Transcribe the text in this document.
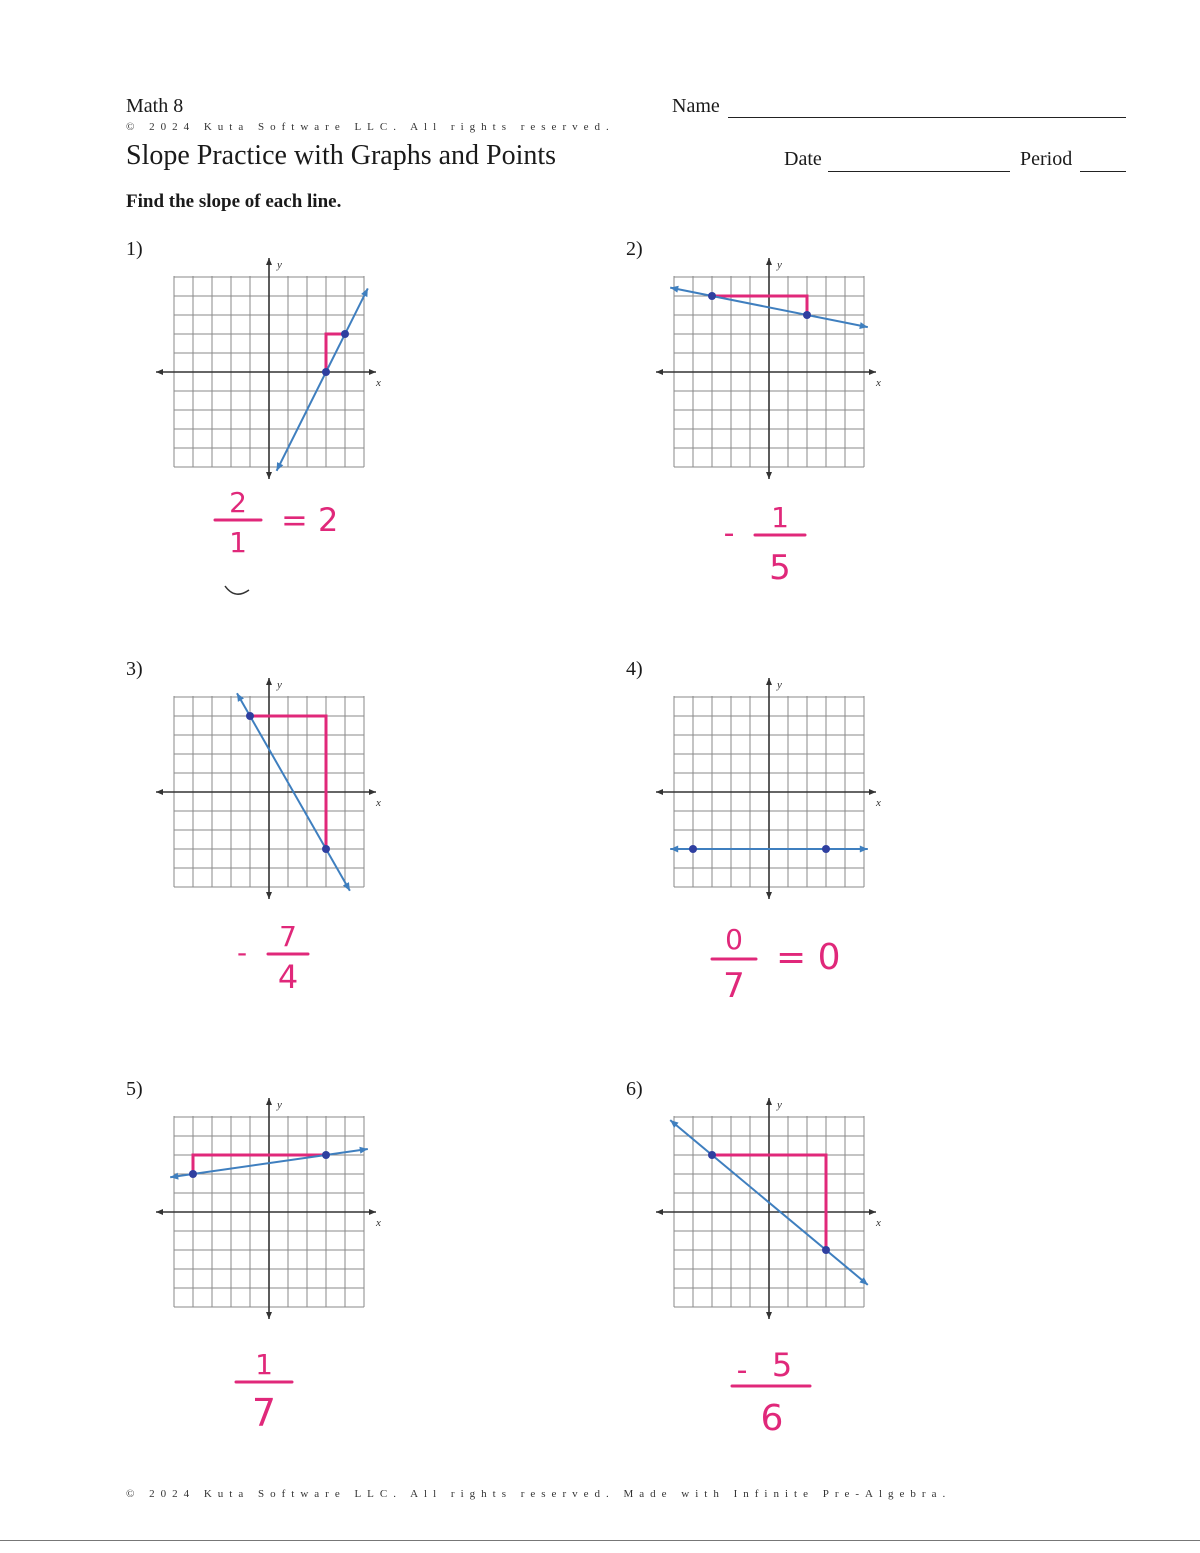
Math 8
© 2024 Kuta Software LLC. All rights reserved.
Slope Practice with Graphs and Points
Name
Date	Period
Find the slope of each line.
1)	2)
3)	4)
5)	6)
x
y
x
y
x
y
x
y
x
y
x
y
2
1
= 2	- 1
5
- 7
4
0
7
= 0
1
7
- 5
6
© 2024 Kuta Software LLC. All rights reserved. Made with Infinite Pre-Algebra.
